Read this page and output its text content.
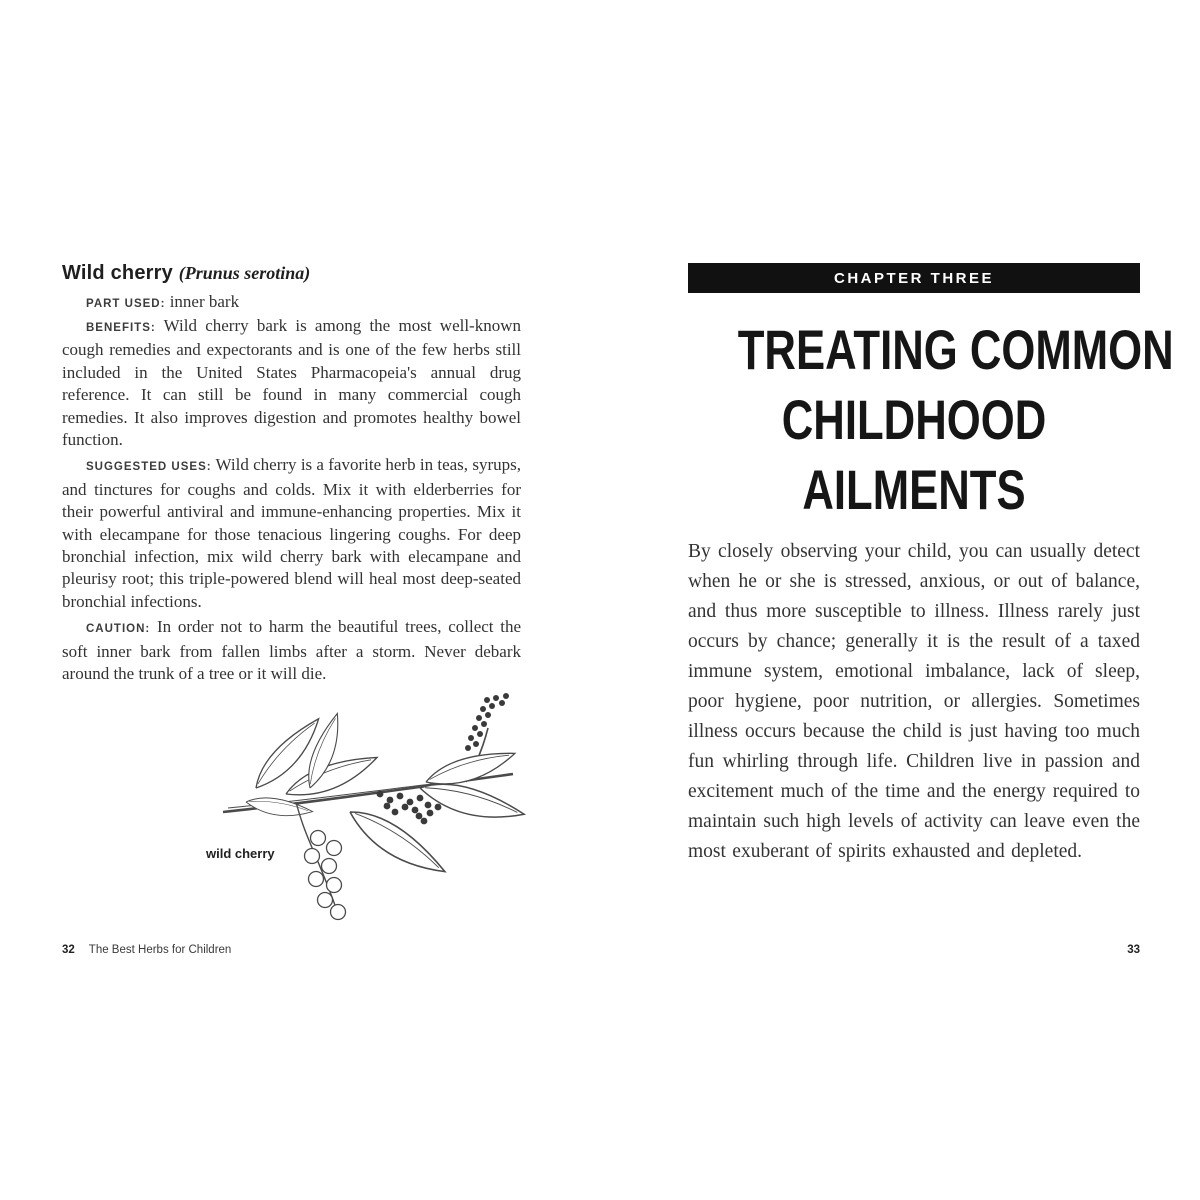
Wild cherry (Prunus serotina)

PART USED: inner bark

BENEFITS: Wild cherry bark is among the most well-known cough remedies and expectorants and is one of the few herbs still included in the United States Pharmacopeia's annual drug reference. It can still be found in many commercial cough remedies. It also improves digestion and promotes healthy bowel function.

SUGGESTED USES: Wild cherry is a favorite herb in teas, syrups, and tinctures for coughs and colds. Mix it with elderberries for their powerful antiviral and immune-enhancing properties. Mix it with elecampane for those tenacious lingering coughs. For deep bronchial infection, mix wild cherry bark with elecampane and pleurisy root; this triple-powered blend will heal most deep-seated bronchial infections.

CAUTION: In order not to harm the beautiful trees, collect the soft inner bark from fallen limbs after a storm. Never debark around the trunk of a tree or it will die.

wild cherry
CHAPTER THREE
TREATING COMMON
CHILDHOOD
AILMENTS

By closely observing your child, you can usually detect when he or she is stressed, anxious, or out of balance, and thus more susceptible to illness. Illness rarely just occurs by chance; generally it is the result of a taxed immune system, emotional imbalance, lack of sleep, poor hygiene, poor nutrition, or allergies. Sometimes illness occurs because the child is just having too much fun whirling through life. Children live in passion and excitement much of the time and the energy required to maintain such high levels of activity can leave even the most exuberant of spirits exhausted and depleted.

32 The Best Herbs for Children	33
